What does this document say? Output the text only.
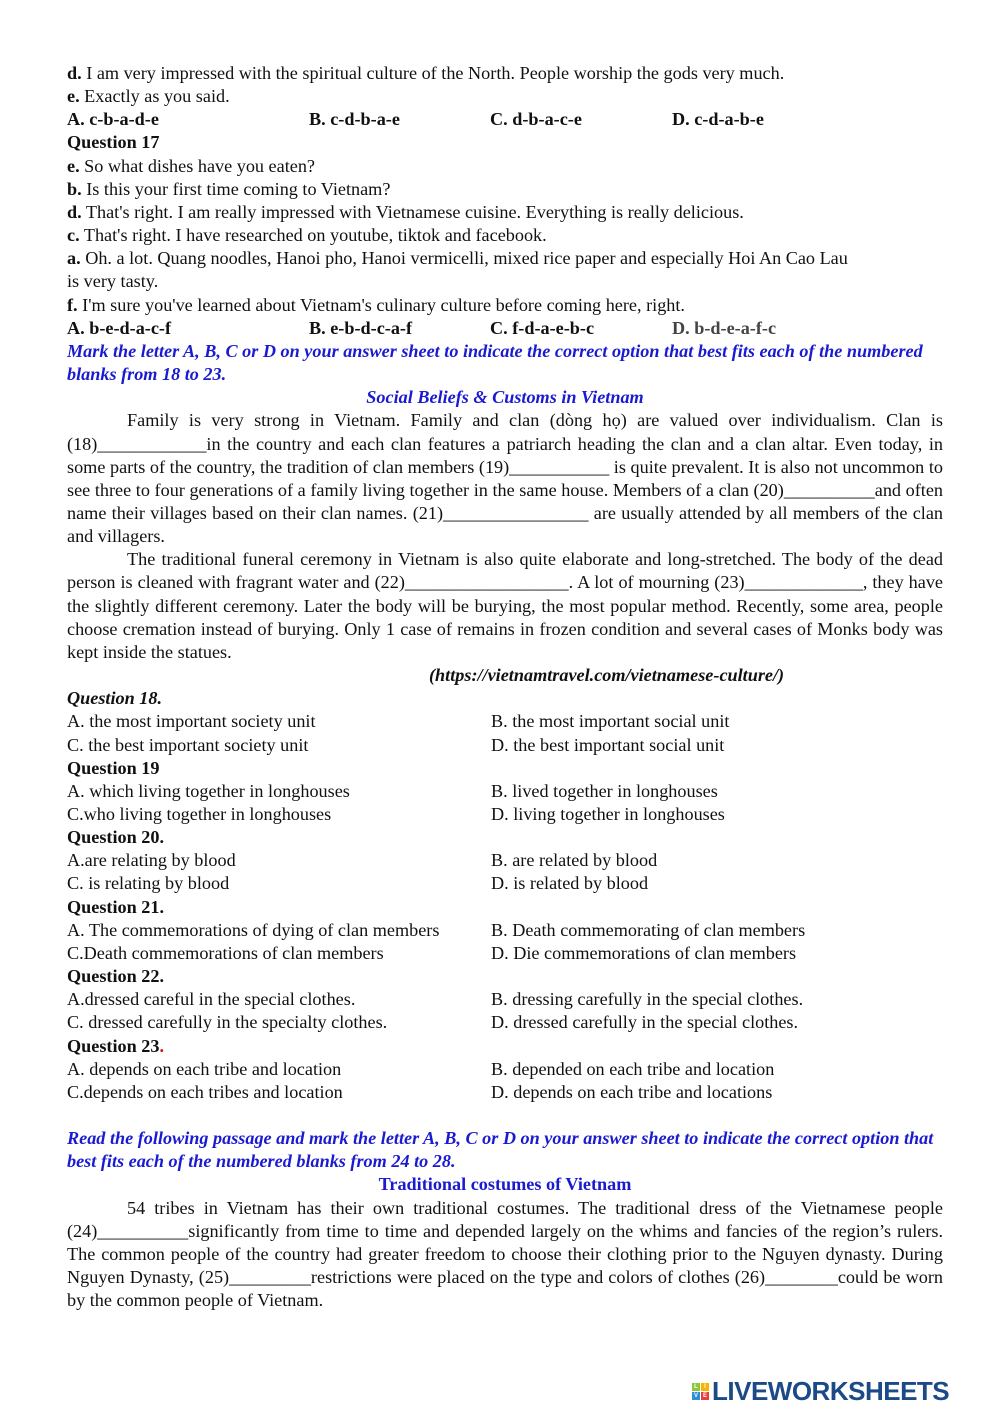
d. I am very impressed with the spiritual culture of the North. People worship the gods very much.
e. Exactly as you said.
A. c-b-a-d-e	B. c-d-b-a-e	C. d-b-a-c-e	D. c-d-a-b-e
Question 17
e. So what dishes have you eaten?
b. Is this your first time coming to Vietnam?
d. That's right. I am really impressed with Vietnamese cuisine. Everything is really delicious.
c. That's right. I have researched on youtube, tiktok and facebook.
a. Oh. a lot. Quang noodles, Hanoi pho, Hanoi vermicelli, mixed rice paper and especially Hoi An Cao Lau
is very tasty.
f. I'm sure you've learned about Vietnam's culinary culture before coming here, right.
A. b-e-d-a-c-f	B. e-b-d-c-a-f	C. f-d-a-e-b-c	D. b-d-e-a-f-c
Mark the letter A, B, C or D on your answer sheet to indicate the correct option that best fits each of the numbered blanks from 18 to 23.
Social Beliefs & Customs in Vietnam
Family is very strong in Vietnam. Family and clan (dòng họ) are valued over individualism. Clan is (18)____________in the country and each clan features a patriarch heading the clan and a clan altar. Even today, in some parts of the country, the tradition of clan members (19)___________ is quite prevalent. It is also not uncommon to see three to four generations of a family living together in the same house. Members of a clan (20)__________and often name their villages based on their clan names. (21)________________ are usually attended by all members of the clan and villagers.
The traditional funeral ceremony in Vietnam is also quite elaborate and long-stretched. The body of the dead person is cleaned with fragrant water and (22)__________________. A lot of mourning (23)_____________, they have the slightly different ceremony. Later the body will be burying, the most popular method. Recently, some area, people choose cremation instead of burying. Only 1 case of remains in frozen condition and several cases of Monks body was kept inside the statues.
(https://vietnamtravel.com/vietnamese-culture/)
Question 18.
A. the most important society unit	B. the most important social unit
C. the best important society unit	D. the best important social unit
Question 19
A. which living together in longhouses	B. lived together in longhouses
C.who living together in longhouses	D. living together in longhouses
Question 20.
A.are relating by blood	B. are related by blood
C. is relating by blood	D. is related by blood
Question 21.
A. The commemorations of dying of clan members	B. Death commemorating of clan members
C.Death commemorations of clan members	D. Die commemorations of clan members
Question 22.
A.dressed careful in the special clothes.	B. dressing carefully in the special clothes.
C. dressed carefully in the specialty clothes.	D. dressed carefully in the special clothes.
Question 23.
A. depends on each tribe and location	B. depended on each tribe and location
C.depends on each tribes and location	D. depends on each tribe and locations
Read the following passage and mark the letter A, B, C or D on your answer sheet to indicate the correct option that best fits each of the numbered blanks from 24 to 28.
Traditional costumes of Vietnam
54 tribes in Vietnam has their own traditional costumes. The traditional dress of the Vietnamese people (24)__________significantly from time to time and depended largely on the whims and fancies of the region’s rulers. The common people of the country had greater freedom to choose their clothing prior to the Nguyen dynasty. During Nguyen Dynasty, (25)_________restrictions were placed on the type and colors of clothes (26)________could be worn by the common people of Vietnam.
L	I
V E LIVEWORKSHEETS
